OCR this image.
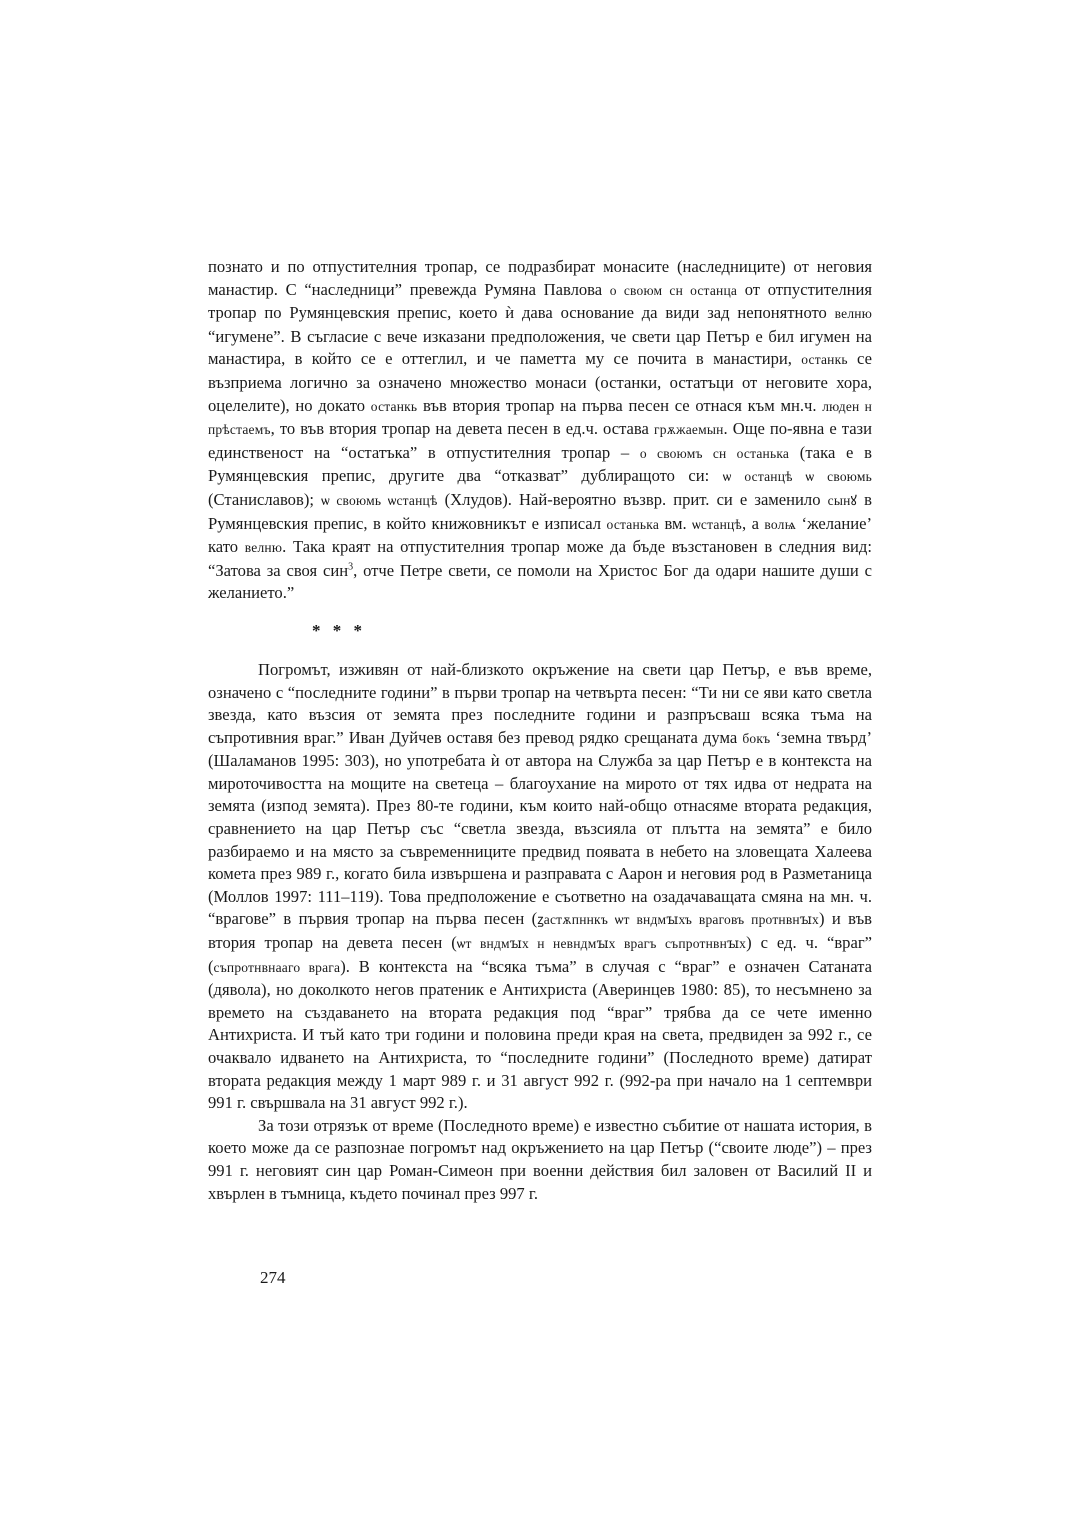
познато и по отпустителния тропар, се подразбират монасите (наследниците) от неговия манастир. С “наследници” превежда Румяна Павлова о своюм сн останца от отпустителния тропар по Румянцевския препис, което ѝ дава основание да види зад непонятното велню “игумене”. В съгласие с вече изказани предположения, че свети цар Петър е бил игумен на манастира, в който се е оттеглил, и че паметта му се почита в манастири, останкь се възприема логично за означено множество монаси (останки, остатъци от неговите хора, оцелелите), но докато останкь във втория тропар на първа песен се отнася към мн.ч. люден н прѣстаемъ, то във втория тропар на девета песен в ед.ч. остава грѫжаемын. Още по-явна е тази единственост на “остатъка” в отпустителния тропар – о своюмъ сн останька (така е в Румянцевския препис, другите два “отказват” дублиращото си: ѡ останцѣ ѡ своюмь (Станиславов); ѡ своюмь ѡстанцѣ (Хлудов). Най-вероятно възвр. прит. си е заменило сынꙋ в Румянцевския препис, в който книжовникът е изписал останька вм. ѡстанцѣ, а волѩ ‘желание’ като велню. Така краят на отпустителния тропар може да бъде възстановен в следния вид: “Затова за своя син$^3$, отче Петре свети, се помоли на Христос Бог да одари нашите души с желанието.”

* * *

Погромът, изживян от най-близкото окръжение на свети цар Петър, е във време, означено с “последните години” в първи тропар на четвърта песен: “Ти ни се яви като светла звезда, като възсия от земята през последните години и разпръсваш всяка тъма на съпротивния враг.” Иван Дуйчев оставя без превод рядко срещаната дума бокъ ‘земна твърд’ (Шаламанов 1995: 303), но употребата ѝ от автора на Служба за цар Петър е в контекста на мироточивостта на мощите на светеца – благоухание на мирото от тях идва от недрата на земята (изпод земята). През 80-те години, към които най-общо отнасяме втората редакция, сравнението на цар Петър със “светла звезда, възсияла от плътта на земята” е било разбираемо и на място за съвременниците предвид появата в небето на зловещата Халеева комета през 989 г., когато била извършена и разправата с Аарон и неговия род в Разметаница (Моллов 1997: 111–119). Това предположение е съответно на озадачаващата смяна на мн. ч. “врагове” в първия тропар на първа песен (ꙁастѫпннкъ ѡт вндмꙑхъ враговъ протнвнꙑх) и във втория тропар на девета песен (ѡт вндмꙑх н невндмꙑх врагъ съпротнвнꙑх) с ед. ч. “враг” (съпротнвнааго врага). В контекста на “всяка тъма” в случая с “враг” е означен Сатаната (дявола), но доколкото негов пратеник е Антихриста (Аверинцев 1980: 85), то несъмнено за времето на създаването на втората редакция под “враг” трябва да се чете именно Антихриста. И тъй като три години и половина преди края на света, предвиден за 992 г., се очаквало идването на Антихриста, то “последните години” (Последното време) датират втората редакция между 1 март 989 г. и 31 август 992 г. (992-ра при начало на 1 септември 991 г. свършвала на 31 август 992 г.).

За този отрязък от време (Последното време) е известно събитие от нашата история, в което може да се разпознае погромът над окръжението на цар Петър (“своите люде”) – през 991 г. неговият син цар Роман-Симеон при военни действия бил заловен от Василий II и хвърлен в тъмница, където починал през 997 г.

274
